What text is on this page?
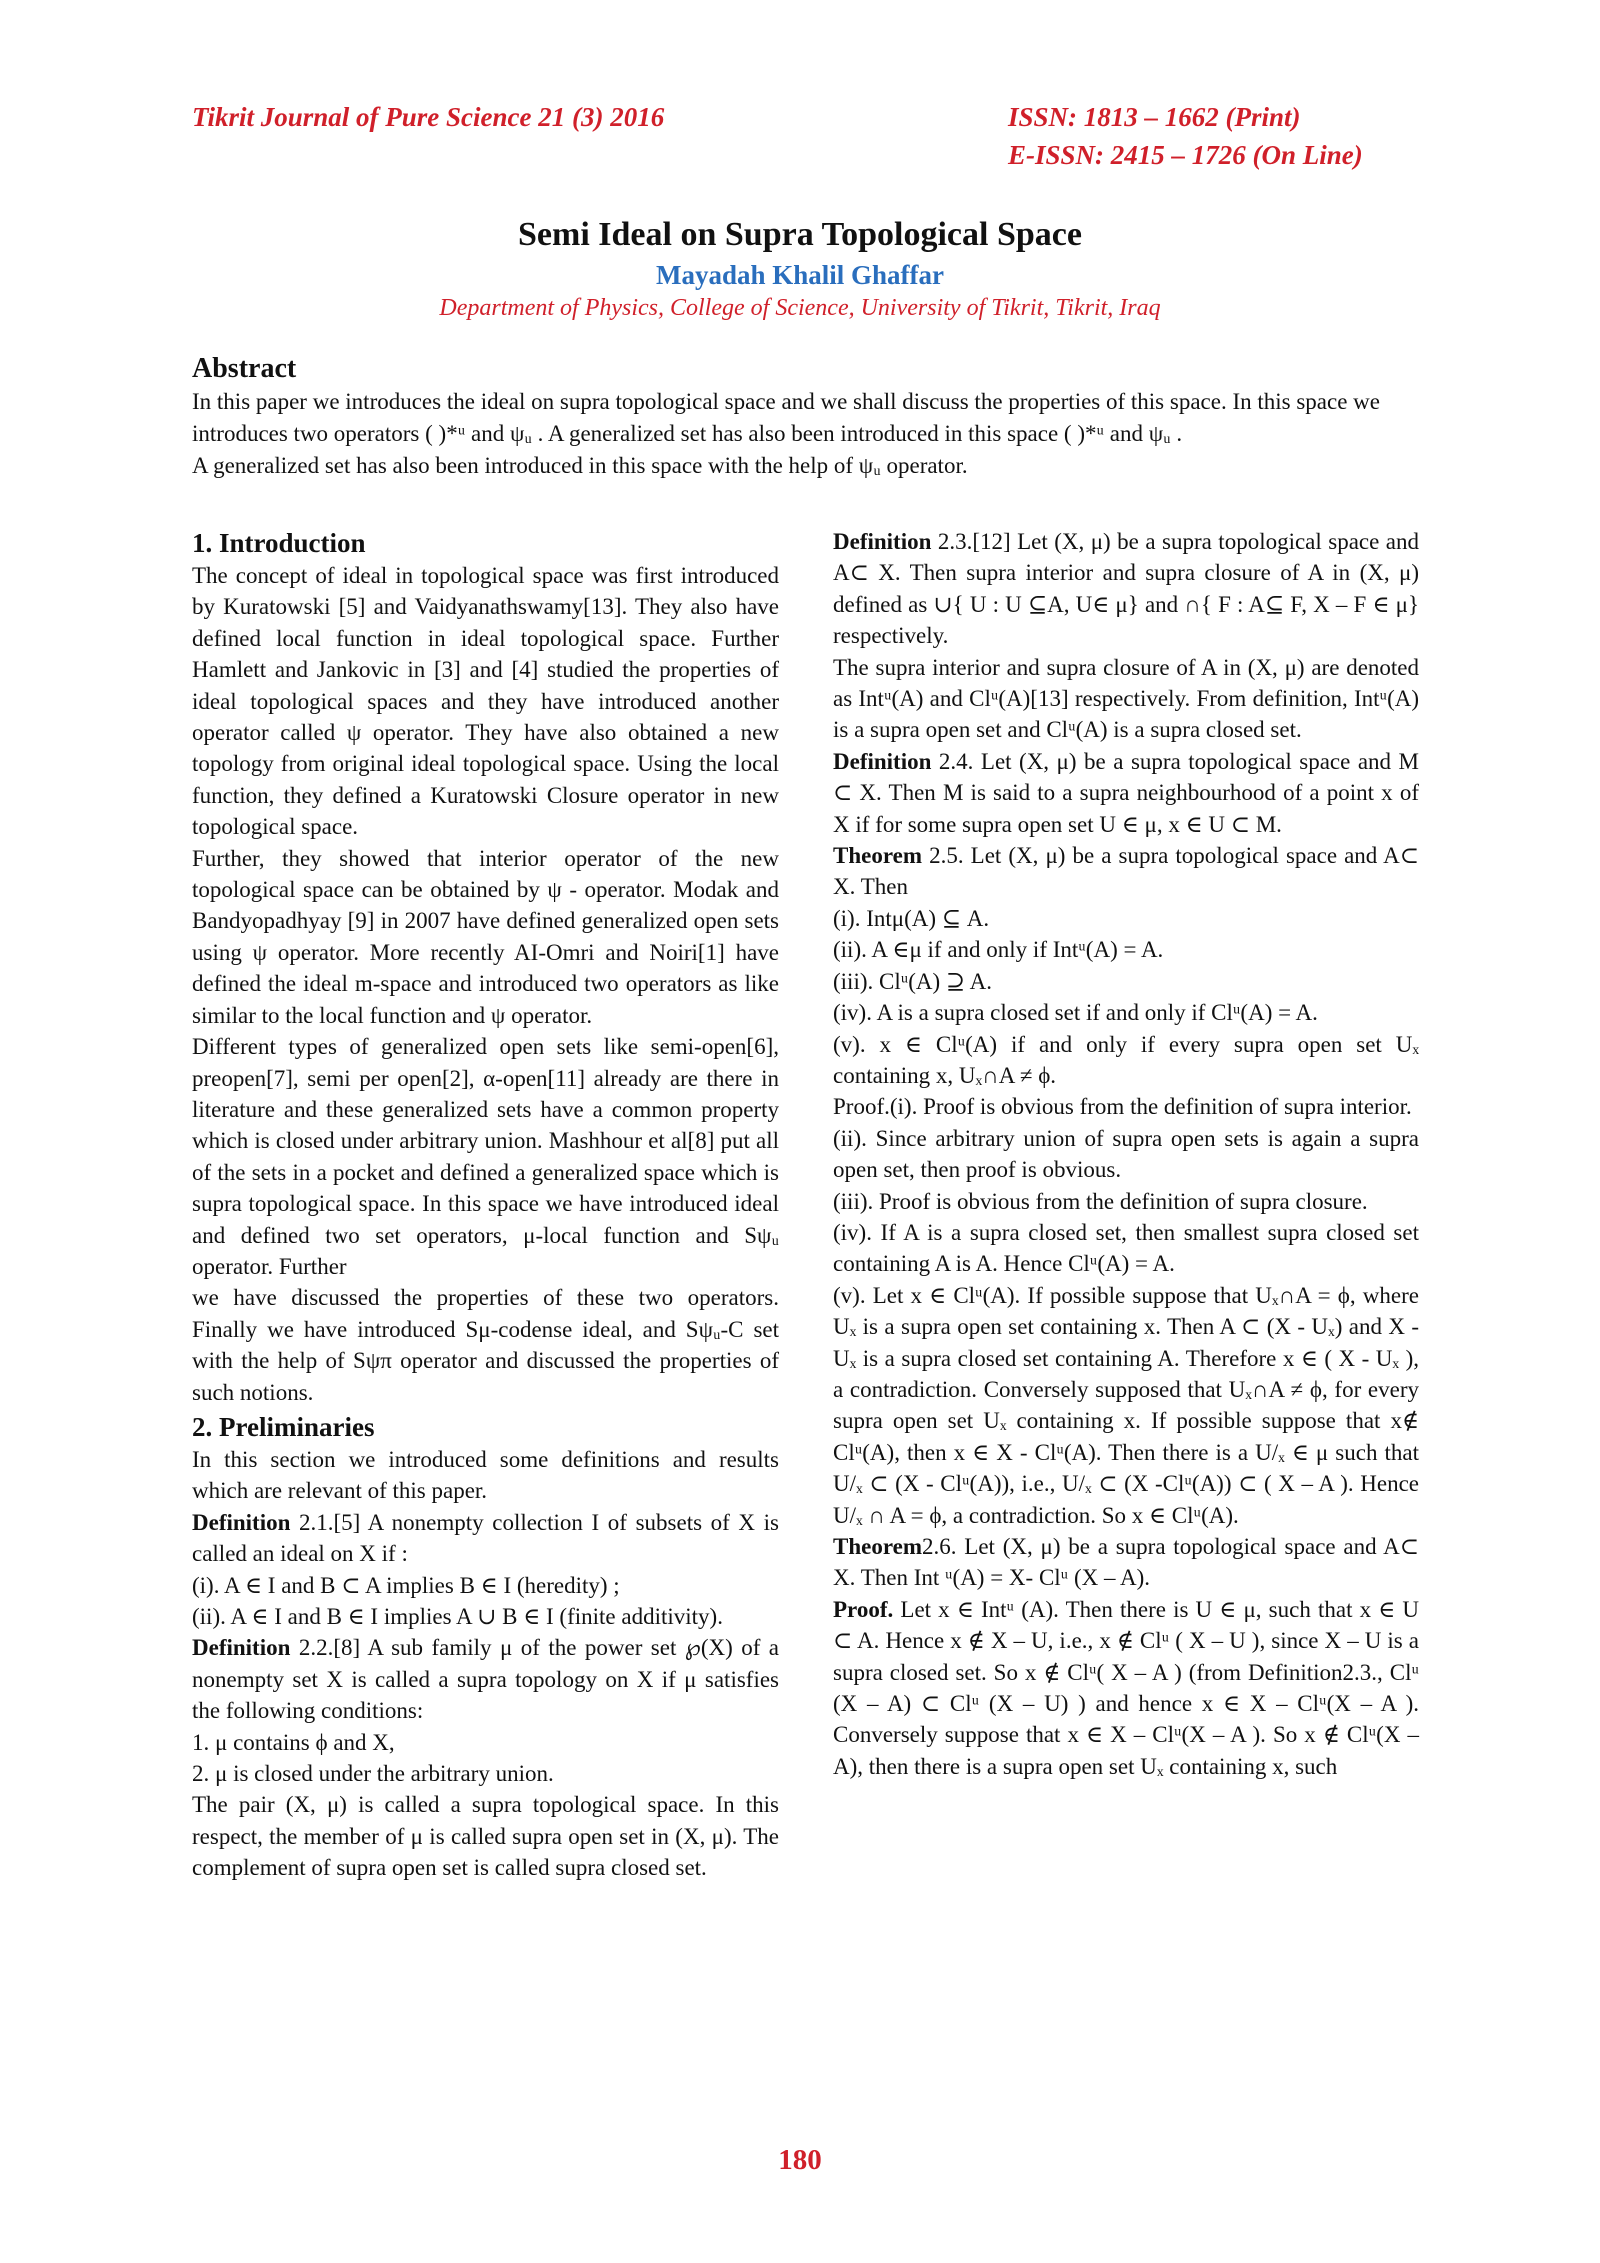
Tikrit Journal of Pure Science 21 (3) 2016	ISSN: 1813 – 1662 (Print)
E-ISSN: 2415 – 1726 (On Line)
Semi Ideal on Supra Topological Space
Mayadah Khalil Ghaffar
Department of Physics, College of Science, University of Tikrit, Tikrit, Iraq
Abstract
In this paper we introduces the ideal on supra topological space and we shall discuss the properties of this space. In this space we introduces two operators ( )*ᵘ and ψᵤ . A generalized set has also been introduced in this space ( )*ᵘ and ψᵤ .
A generalized set has also been introduced in this space with the help of ψᵤ operator.
1. Introduction

The concept of ideal in topological space was first introduced by Kuratowski [5] and Vaidyanathswamy[13]. They also have defined local function in ideal topological space. Further Hamlett and Jankovic in [3] and [4] studied the properties of ideal topological spaces and they have introduced another operator called ψ operator. They have also obtained a new topology from original ideal topological space. Using the local function, they defined a Kuratowski Closure operator in new topological space.

Further, they showed that interior operator of the new topological space can be obtained by ψ - operator. Modak and Bandyopadhyay [9] in 2007 have defined generalized open sets using ψ operator. More recently AI-Omri and Noiri[1] have defined the ideal m-space and introduced two operators as like similar to the local function and ψ operator.

Different types of generalized open sets like semi-open[6], preopen[7], semi per open[2], α-open[11] already are there in literature and these generalized sets have a common property which is closed under arbitrary union. Mashhour et al[8] put all of the sets in a pocket and defined a generalized space which is supra topological space. In this space we have introduced ideal and defined two set operators, μ-local function and Sψᵤ operator. Further

we have discussed the properties of these two operators. Finally we have introduced Sμ-codense ideal, and Sψᵤ-C set with the help of Sψπ operator and discussed the properties of such notions.

2. Preliminaries

In this section we introduced some definitions and results which are relevant of this paper.

Definition 2.1.[5] A nonempty collection I of subsets of X is called an ideal on X if :

(i). A ∈ I and B ⊂ A implies B ∈ I (heredity) ;

(ii). A ∈ I and B ∈ I implies A ∪ B ∈ I (finite additivity).

Definition 2.2.[8] A sub family μ of the power set ℘(X) of a nonempty set X is called a supra topology on X if μ satisfies the following conditions:

1. μ contains ϕ and X,

2. μ is closed under the arbitrary union.

The pair (X, μ) is called a supra topological space. In this respect, the member of μ is called supra open set in (X, μ). The complement of supra open set is called supra closed set.

Definition 2.3.[12] Let (X, μ) be a supra topological space and A⊂ X. Then supra interior and supra closure of A in (X, μ) defined as ∪{ U : U ⊆A, U∈ μ} and ∩{ F : A⊆ F, X – F ∈ μ} respectively.

The supra interior and supra closure of A in (X, μ) are denoted as Intᵘ(A) and Clᵘ(A)[13] respectively. From definition, Intᵘ(A) is a supra open set and Clᵘ(A) is a supra closed set.

Definition 2.4. Let (X, μ) be a supra topological space and M ⊂ X. Then M is said to a supra neighbourhood of a point x of X if for some supra open set U ∈ μ, x ∈ U ⊂ M.

Theorem 2.5. Let (X, μ) be a supra topological space and A⊂ X. Then

(i). Intμ(A) ⊆ A.

(ii). A ∈μ if and only if Intᵘ(A) = A.

(iii). Clᵘ(A) ⊇ A.

(iv). A is a supra closed set if and only if Clᵘ(A) = A.

(v). x ∈ Clᵘ(A) if and only if every supra open set Uₓ containing x, Uₓ∩A ≠ ϕ.

Proof.(i). Proof is obvious from the definition of supra interior.

(ii). Since arbitrary union of supra open sets is again a supra open set, then proof is obvious.

(iii). Proof is obvious from the definition of supra closure.

(iv). If A is a supra closed set, then smallest supra closed set containing A is A. Hence Clᵘ(A) = A.

(v). Let x ∈ Clᵘ(A). If possible suppose that Uₓ∩A = ϕ, where Uₓ is a supra open set containing x. Then A ⊂ (X - Uₓ) and X - Uₓ is a supra closed set containing A. Therefore x ∈ ( X - Uₓ ), a contradiction. Conversely supposed that Uₓ∩A ≠ ϕ, for every supra open set Uₓ containing x. If possible suppose that x∉ Clᵘ(A), then x ∈ X - Clᵘ(A). Then there is a U/ₓ ∈ μ such that U/ₓ ⊂ (X - Clᵘ(A)), i.e., U/ₓ ⊂ (X -Clᵘ(A)) ⊂ ( X – A ). Hence U/ₓ ∩ A = ϕ, a contradiction. So x ∈ Clᵘ(A).

Theorem2.6. Let (X, μ) be a supra topological space and A⊂ X. Then Int ᵘ(A) = X- Clᵘ (X – A).

Proof. Let x ∈ Intᵘ (A). Then there is U ∈ μ, such that x ∈ U ⊂ A. Hence x ∉ X – U, i.e., x ∉ Clᵘ ( X – U ), since X – U is a supra closed set. So x ∉ Clᵘ( X – A ) (from Definition2.3., Clᵘ (X – A) ⊂ Clᵘ (X – U) ) and hence x ∈ X – Clᵘ(X – A ). Conversely suppose that x ∈ X – Clᵘ(X – A ). So x ∉ Clᵘ(X – A), then there is a supra open set Uₓ containing x, such

180
